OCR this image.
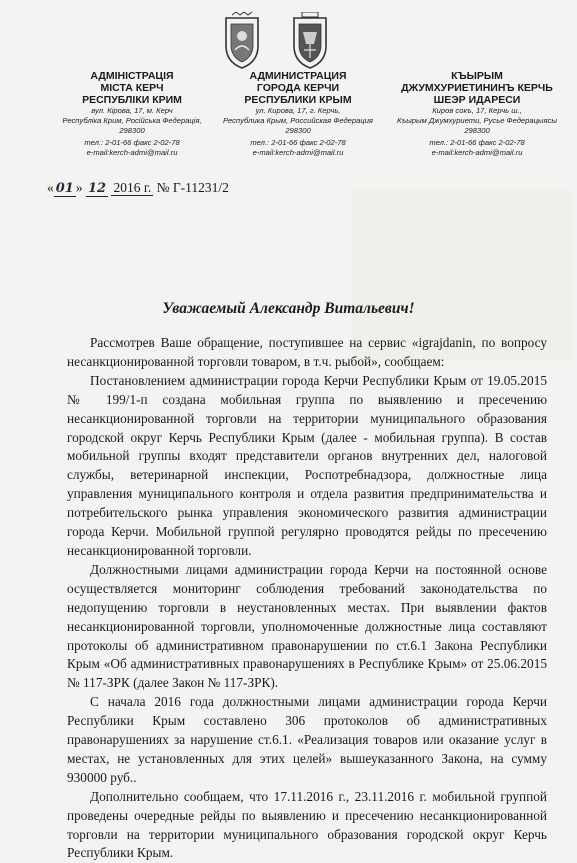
АДМІНІСТРАЦІЯ
МІСТА КЕРЧ
РЕСПУБЛІКИ КРИМ
вул. Кірова, 17, м. Керч
Республіка Крим, Російська Федерація,
298300
тел.: 2-01-66 факс 2-02-78
e-mail:kerch-admi@mail.ru
АДМИНИСТРАЦИЯ
ГОРОДА КЕРЧИ
РЕСПУБЛИКИ КРЫМ
ул. Кирова, 17, г. Керчь,
Республика Крым, Российская Федерация
298300
тел.: 2-01-66 факс 2-02-78
e-mail:kerch-admi@mail.ru
КЪЫРЫМ
ДЖУМХУРИЕТИНИНЪ КЕРЧЬ
ШЕЭР ИДАРЕСИ
Киров сокъ, 17, Керчь ш.,
Къырым Джумхуриети, Русье Федерацыясы
298300
тел.: 2-01-66 факс 2-02-78
e-mail:kerch-admi@mail.ru
« 01 » 12 2016 г. № Г-11231/2
Уважаемый Александр Витальевич!

Рассмотрев Ваше обращение, поступившее на сервис «igrajdanin, по вопросу несанкционированной торговли товаром, в т.ч. рыбой», сообщаем:

Постановлением администрации города Керчи Республики Крым от 19.05.2015 № 199/1-п создана мобильная группа по выявлению и пресечению несанкционированной торговли на территории муниципального образования городской округ Керчь Республики Крым (далее - мобильная группа). В состав мобильной группы входят представители органов внутренних дел, налоговой службы, ветеринарной инспекции, Роспотребнадзора, должностные лица управления муниципального контроля и отдела развития предпринимательства и потребительского рынка управления экономического развития администрации города Керчи. Мобильной группой регулярно проводятся рейды по пресечению несанкционированной торговли.

Должностными лицами администрации города Керчи на постоянной основе осуществляется мониторинг соблюдения требований законодательства по недопущению торговли в неустановленных местах. При выявлении фактов несанкционированной торговли, уполномоченные должностные лица составляют протоколы об административном правонарушении по ст.6.1 Закона Республики Крым «Об административных правонарушениях в Республике Крым» от 25.06.2015 № 117-ЗРК (далее Закон № 117-ЗРК).

С начала 2016 года должностными лицами администрации города Керчи Республики Крым составлено 306 протоколов об административных правонарушениях за нарушение ст.6.1. «Реализация товаров или оказание услуг в местах, не установленных для этих целей» вышеуказанного Закона, на сумму 930000 руб..

Дополнительно сообщаем, что 17.11.2016 г., 23.11.2016 г. мобильной группой проведены очередные рейды по выявлению и пресечению несанкционированной торговли на территории муниципального образования городской округ Керчь Республики Крым.
